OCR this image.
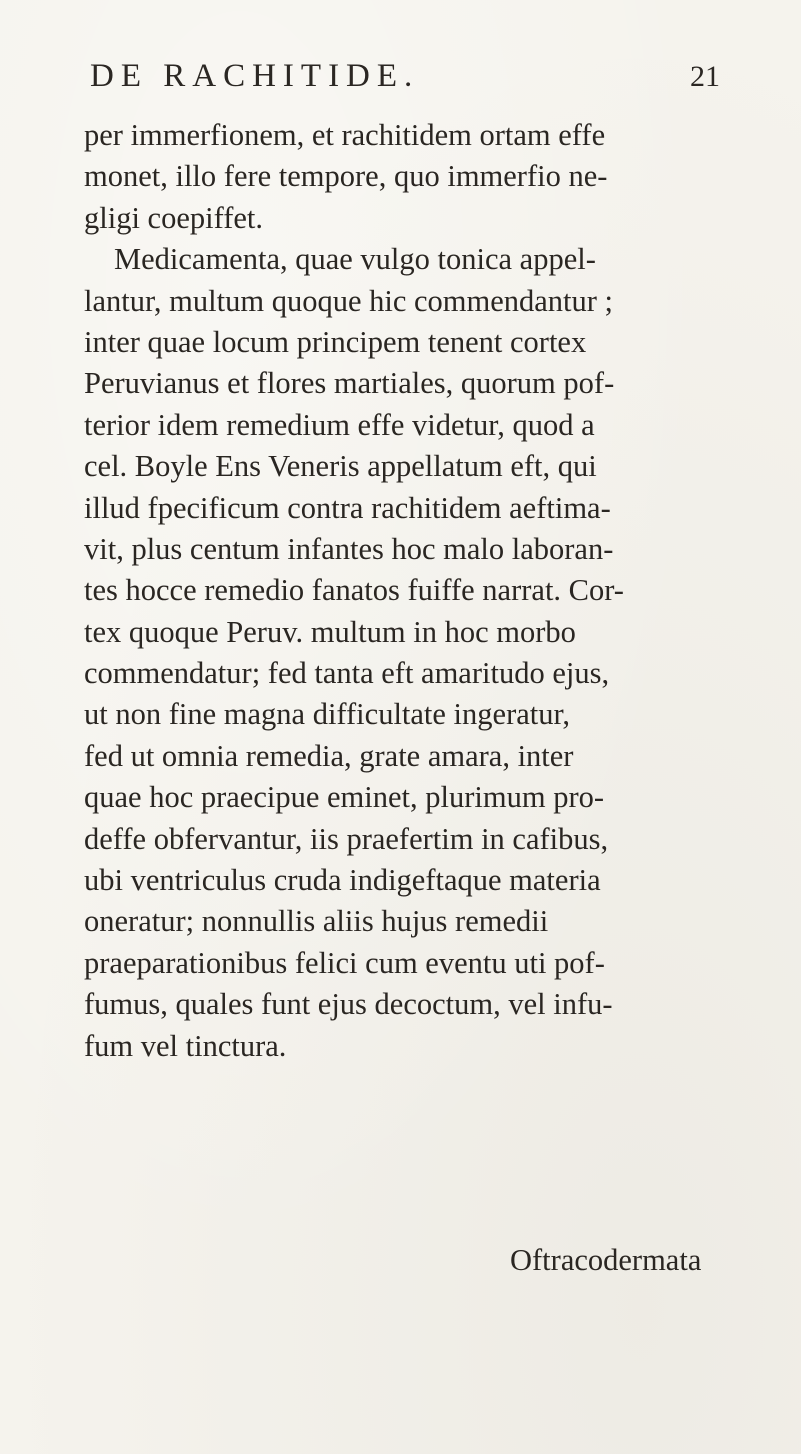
DE RACHITIDE.	21
per immerfionem, et rachitidem ortam effe
monet, illo fere tempore, quo immerfio ne-
gligi coepiffet.
Medicamenta, quae vulgo tonica appel-
lantur, multum quoque hic commendantur ;
inter quae locum principem tenent cortex
Peruvianus et flores martiales, quorum pof-
terior idem remedium effe videtur, quod a
cel. Boyle Ens Veneris appellatum eft, qui
illud fpecificum contra rachitidem aeftima-
vit, plus centum infantes hoc malo laboran-
tes hocce remedio fanatos fuiffe narrat. Cor-
tex quoque Peruv. multum in hoc morbo
commendatur; fed tanta eft amaritudo ejus,
ut non fine magna difficultate ingeratur,
fed ut omnia remedia, grate amara, inter
quae hoc praecipue eminet, plurimum pro-
deffe obfervantur, iis praefertim in cafibus,
ubi ventriculus cruda indigeftaque materia
oneratur; nonnullis aliis hujus remedii
praeparationibus felici cum eventu uti pof-
fumus, quales funt ejus decoctum, vel infu-
fum vel tinctura.
Oftracodermata
